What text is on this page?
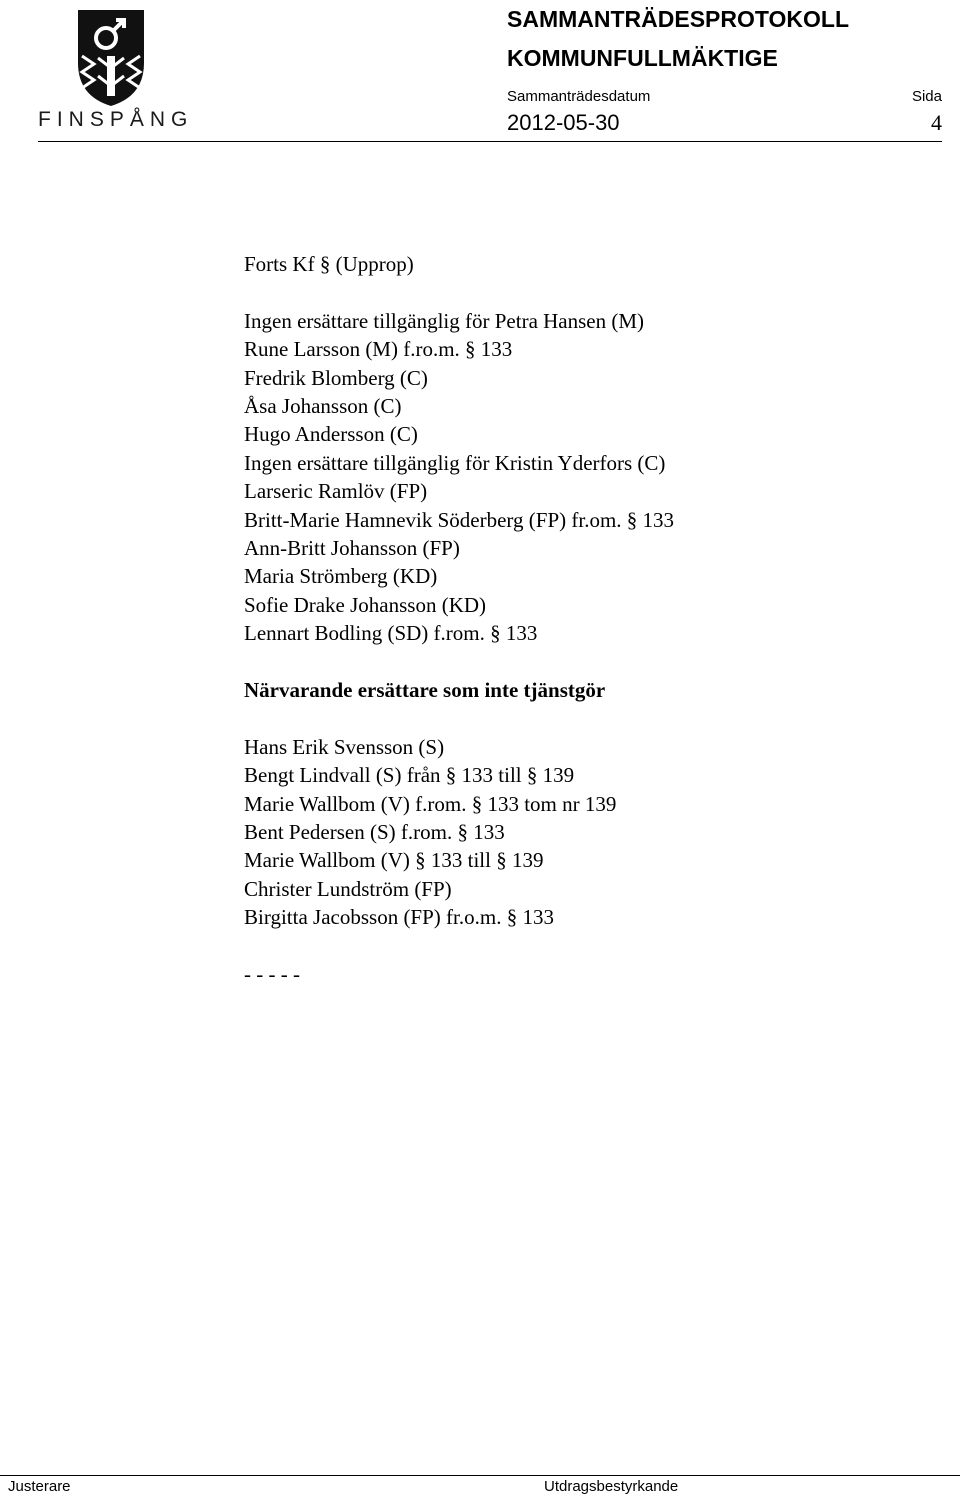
FINSPÅNG
SAMMANTRÄDESPROTOKOLL
KOMMUNFULLMÄKTIGE
Sammanträdesdatum	Sida
2012-05-30	4

Forts Kf § (Upprop)

Ingen ersättare tillgänglig för Petra Hansen (M)

Rune Larsson (M) f.ro.m. § 133

Fredrik Blomberg (C)

Åsa Johansson (C)

Hugo Andersson (C)

Ingen ersättare tillgänglig för Kristin Yderfors (C)

Larseric Ramlöv (FP)

Britt-Marie Hamnevik Söderberg (FP) fr.om. § 133

Ann-Britt Johansson (FP)

Maria Strömberg (KD)

Sofie Drake Johansson (KD)

Lennart Bodling (SD) f.rom. § 133

Närvarande ersättare som inte tjänstgör

Hans Erik Svensson (S)

Bengt Lindvall (S) från § 133 till § 139

Marie Wallbom (V) f.rom. § 133 tom nr 139

Bent Pedersen (S) f.rom. § 133

Marie Wallbom (V) § 133 till § 139

Christer Lundström (FP)

Birgitta Jacobsson (FP) fr.o.m. § 133

- - - - -

Justerare	Utdragsbestyrkande
